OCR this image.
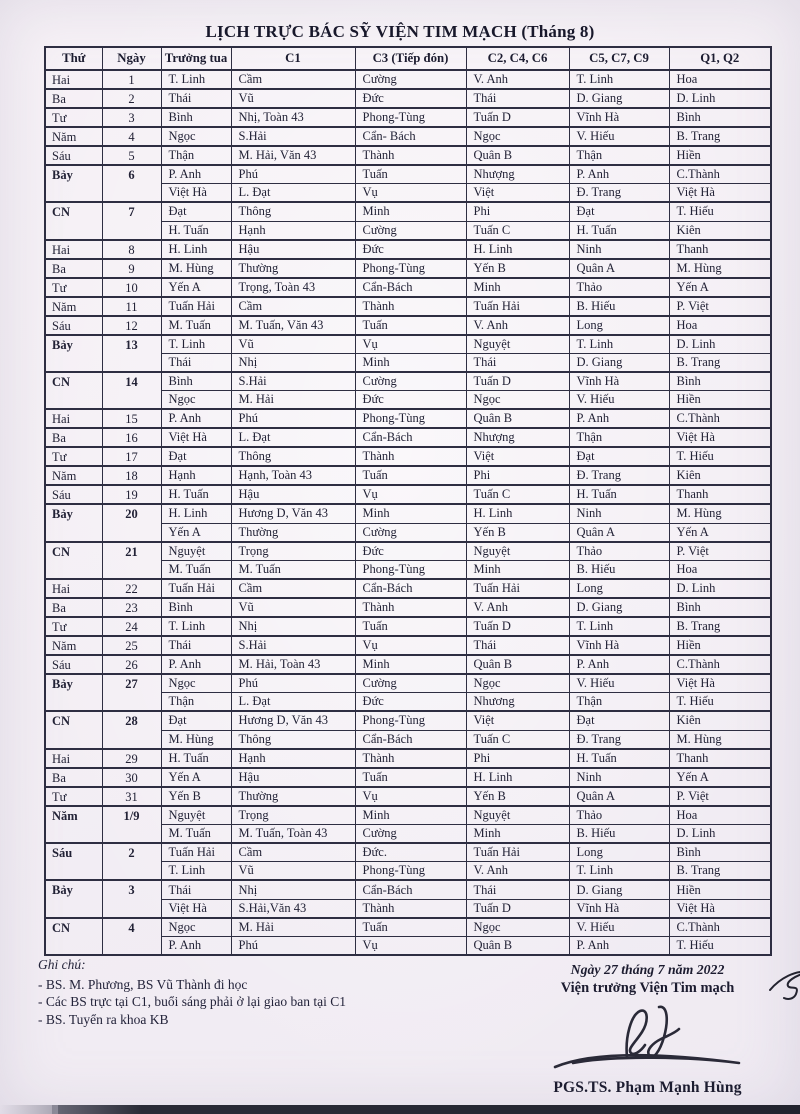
LỊCH TRỰC BÁC SỸ VIỆN TIM MẠCH (Tháng 8)
Thứ	Ngày	Trưởng tua	C1	C3 (Tiếp đón)	C2, C4, C6	C5, C7, C9	Q1, Q2
Hai	1	T. Linh	Cầm	Cường	V. Anh	T. Linh	Hoa
Ba	2	Thái	Vũ	Đức	Thái	D. Giang	D. Linh
Tư	3	Bình	Nhị, Toàn 43	Phong-Tùng	Tuấn D	Vĩnh Hà	Bình
Năm	4	Ngọc	S.Hải	Cẩn- Bách	Ngọc	V. Hiếu	B. Trang
Sáu	5	Thận	M. Hải, Văn 43	Thành	Quân B	Thận	Hiền
Bảy	6	P. Anh	Phú	Tuấn	Nhượng	P. Anh	C.Thành
		Việt Hà	L. Đạt	Vụ	Việt	Đ. Trang	Việt Hà
CN	7	Đạt	Thông	Minh	Phi	Đạt	T. Hiếu
		H. Tuấn	Hạnh	Cường	Tuấn C	H. Tuấn	Kiên
Hai	8	H. Linh	Hậu	Đức	H. Linh	Ninh	Thanh
Ba	9	M. Hùng	Thường	Phong-Tùng	Yến B	Quân A	M. Hùng
Tư	10	Yến A	Trọng, Toàn 43	Cẩn-Bách	Minh	Thảo	Yến A
Năm	11	Tuấn Hải	Cầm	Thành	Tuấn Hải	B. Hiếu	P. Việt
Sáu	12	M. Tuấn	M. Tuấn, Văn 43	Tuấn	V. Anh	Long	Hoa
Bảy	13	T. Linh	Vũ	Vụ	Nguyệt	T. Linh	D. Linh
		Thái	Nhị	Minh	Thái	D. Giang	B. Trang
CN	14	Bình	S.Hải	Cường	Tuấn D	Vĩnh Hà	Bình
		Ngọc	M. Hải	Đức	Ngọc	V. Hiếu	Hiền
Hai	15	P. Anh	Phú	Phong-Tùng	Quân B	P. Anh	C.Thành
Ba	16	Việt Hà	L. Đạt	Cẩn-Bách	Nhượng	Thận	Việt Hà
Tư	17	Đạt	Thông	Thành	Việt	Đạt	T. Hiếu
Năm	18	Hạnh	Hạnh, Toàn 43	Tuấn	Phi	Đ. Trang	Kiên
Sáu	19	H. Tuấn	Hậu	Vụ	Tuấn C	H. Tuấn	Thanh
Bảy	20	H. Linh	Hương D, Văn 43	Minh	H. Linh	Ninh	M. Hùng
		Yến A	Thường	Cường	Yến B	Quân A	Yến A
CN	21	Nguyệt	Trọng	Đức	Nguyệt	Thảo	P. Việt
		M. Tuấn	M. Tuấn	Phong-Tùng	Minh	B. Hiếu	Hoa
Hai	22	Tuấn Hải	Cầm	Cẩn-Bách	Tuấn Hải	Long	D. Linh
Ba	23	Bình	Vũ	Thành	V. Anh	D. Giang	Bình
Tư	24	T. Linh	Nhị	Tuấn	Tuấn D	T. Linh	B. Trang
Năm	25	Thái	S.Hải	Vụ	Thái	Vĩnh Hà	Hiền
Sáu	26	P. Anh	M. Hải, Toàn 43	Minh	Quân B	P. Anh	C.Thành
Bảy	27	Ngọc	Phú	Cường	Ngọc	V. Hiếu	Việt Hà
		Thận	L. Đạt	Đức	Nhương	Thận	T. Hiếu
CN	28	Đạt	Hương D, Văn 43	Phong-Tùng	Việt	Đạt	Kiên
		M. Hùng	Thông	Cẩn-Bách	Tuấn C	Đ. Trang	M. Hùng
Hai	29	H. Tuấn	Hạnh	Thành	Phi	H. Tuấn	Thanh
Ba	30	Yến A	Hậu	Tuấn	H. Linh	Ninh	Yến A
Tư	31	Yến B	Thường	Vụ	Yến B	Quân A	P. Việt
Năm	1/9	Nguyệt	Trọng	Minh	Nguyệt	Thảo	Hoa
		M. Tuấn	M. Tuấn, Toàn 43	Cường	Minh	B. Hiếu	D. Linh
Sáu	2	Tuấn Hải	Cầm	Đức.	Tuấn Hải	Long	Bình
		T. Linh	Vũ	Phong-Tùng	V. Anh	T. Linh	B. Trang
Bảy	3	Thái	Nhị	Cẩn-Bách	Thái	D. Giang	Hiền
		Việt Hà	S.Hải,Văn 43	Thành	Tuấn D	Vĩnh Hà	Việt Hà
CN	4	Ngọc	M. Hải	Tuấn	Ngọc	V. Hiếu	C.Thành
		P. Anh	Phú	Vụ	Quân B	P. Anh	T. Hiếu
Ghi chú:
- BS. M. Phương, BS Vũ Thành đi học
- Các BS trực tại C1, buổi sáng phải ở lại giao ban tại C1
- BS. Tuyển ra khoa KB
Ngày 27 tháng 7 năm 2022
Viện trưởng Viện Tim mạch
PGS.TS. Phạm Mạnh Hùng
